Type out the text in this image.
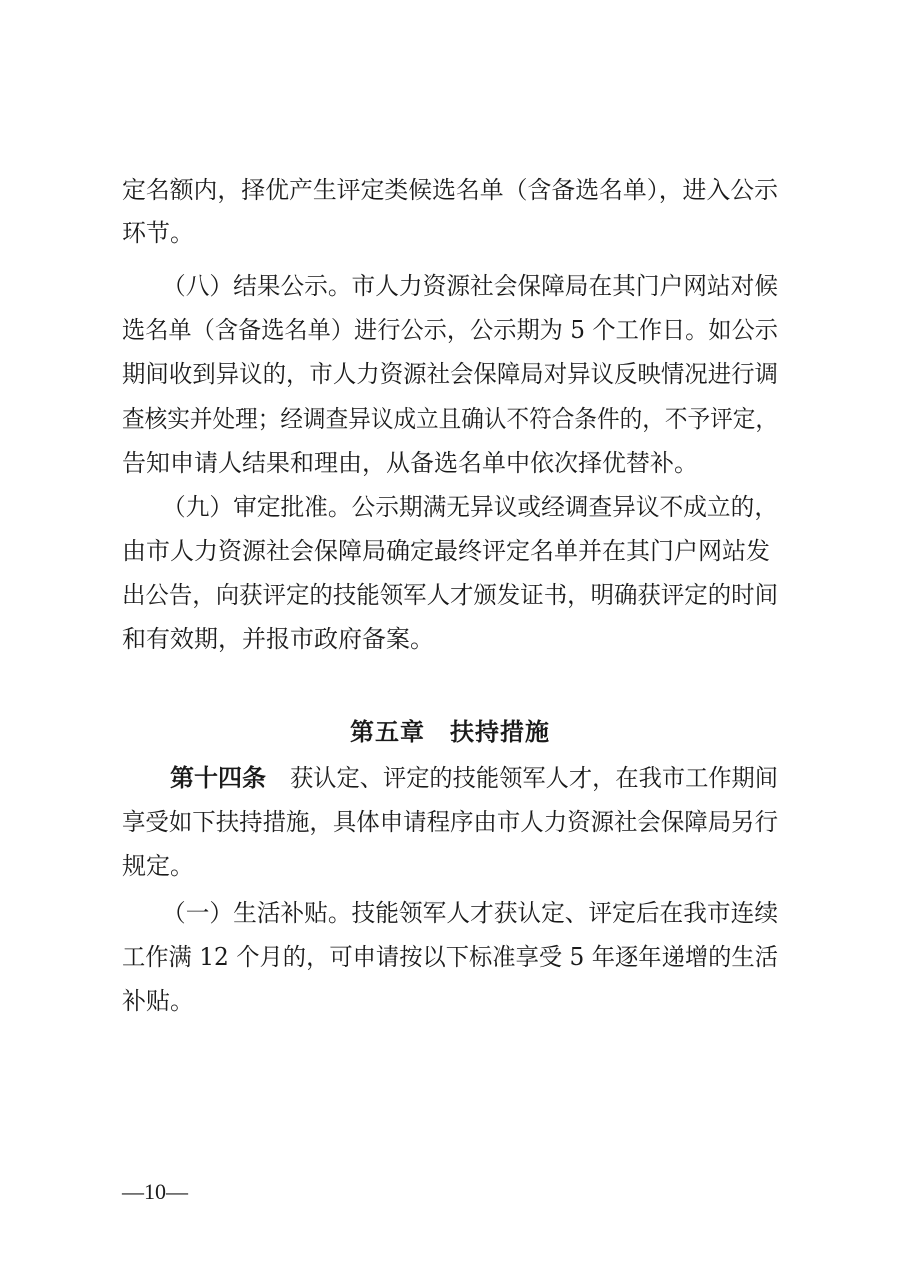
定名额内，择优产生评定类候选名单（含备选名单），进入公示
环节。
（八）结果公示。市人力资源社会保障局在其门户网站对候
选名单（含备选名单）进行公示，公示期为 5 个工作日。如公示
期间收到异议的，市人力资源社会保障局对异议反映情况进行调
查核实并处理；经调查异议成立且确认不符合条件的，不予评定，
告知申请人结果和理由，从备选名单中依次择优替补。
（九）审定批准。公示期满无异议或经调查异议不成立的，
由市人力资源社会保障局确定最终评定名单并在其门户网站发
出公告，向获评定的技能领军人才颁发证书，明确获评定的时间
和有效期，并报市政府备案。
第五章　扶持措施
第十四条 获认定、评定的技能领军人才，在我市工作期间
享受如下扶持措施，具体申请程序由市人力资源社会保障局另行
规定。
（一）生活补贴。技能领军人才获认定、评定后在我市连续
工作满 12 个月的，可申请按以下标准享受 5 年逐年递增的生活
补贴。
—10—
